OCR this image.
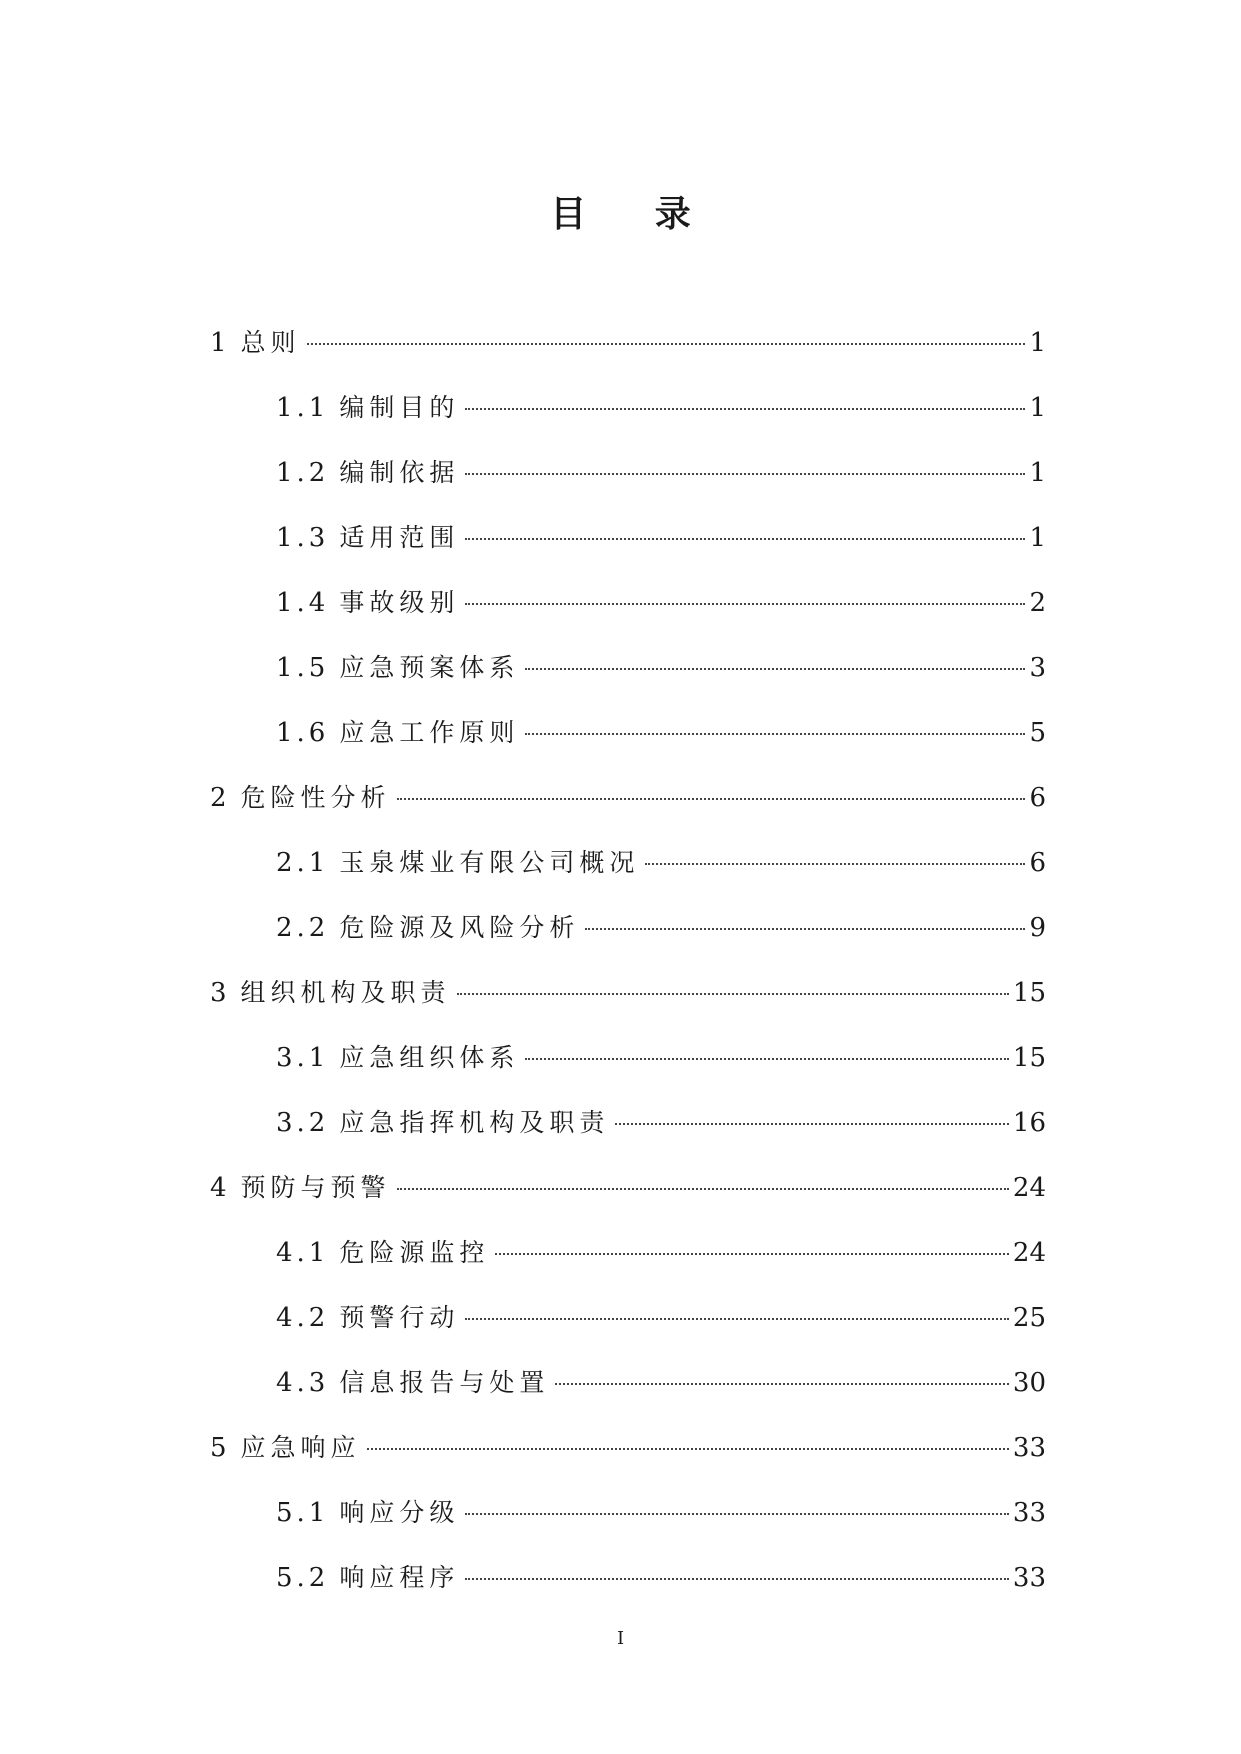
目 录
1 总则	1
1.1 编制目的	1
1.2 编制依据	1
1.3 适用范围	1
1.4 事故级别	2
1.5 应急预案体系	3
1.6 应急工作原则	5
2 危险性分析	6
2.1 玉泉煤业有限公司概况	6
2.2 危险源及风险分析	9
3 组织机构及职责	15
3.1 应急组织体系	15
3.2 应急指挥机构及职责	16
4 预防与预警	24
4.1 危险源监控	24
4.2 预警行动	25
4.3 信息报告与处置	30
5 应急响应	33
5.1 响应分级	33
5.2 响应程序	33
I
